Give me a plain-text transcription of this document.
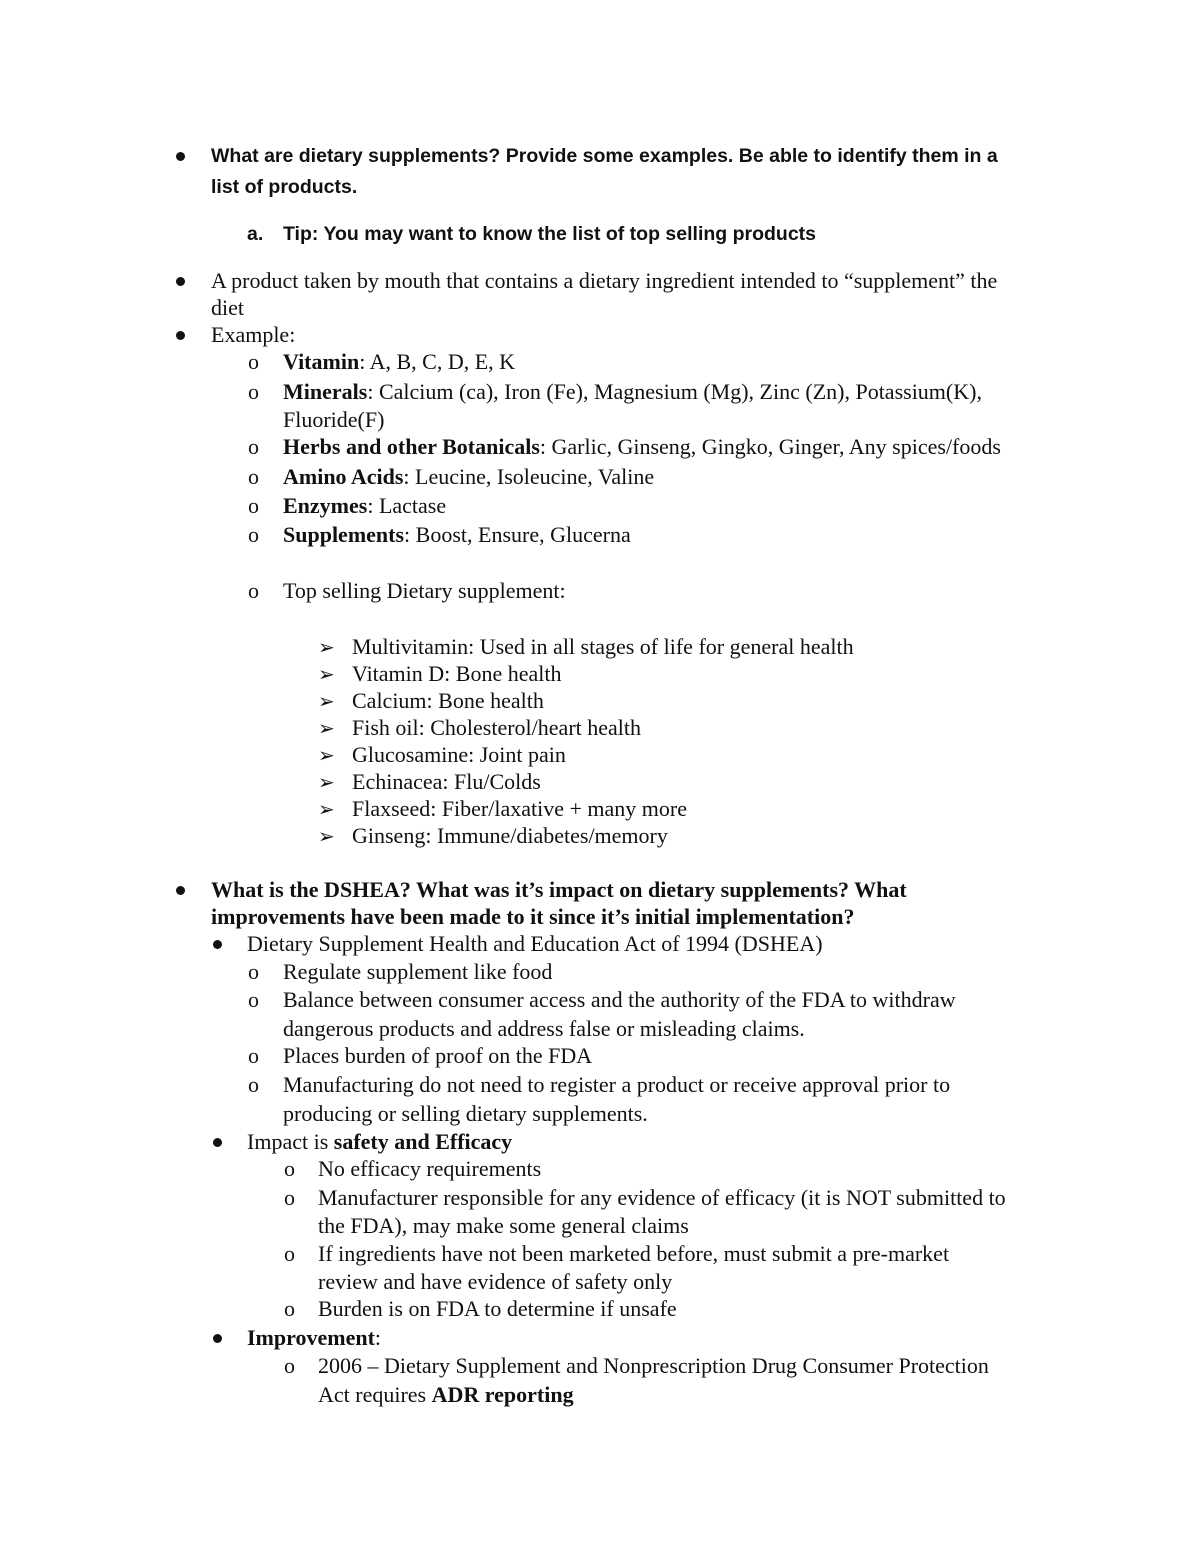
What are dietary supplements? Provide some examples. Be able to identify them in a
list of products.
a. Tip: You may want to know the list of top selling products
A product taken by mouth that contains a dietary ingredient intended to “supplement” the
diet
Example:
o Vitamin: A, B, C, D, E, K
o Minerals: Calcium (ca), Iron (Fe), Magnesium (Mg), Zinc (Zn), Potassium(K),
Fluoride(F)
o Herbs and other Botanicals: Garlic, Ginseng, Gingko, Ginger, Any spices/foods
o Amino Acids: Leucine, Isoleucine, Valine
o Enzymes: Lactase
o Supplements: Boost, Ensure, Glucerna
o Top selling Dietary supplement:
➢ Multivitamin: Used in all stages of life for general health
➢ Vitamin D: Bone health
➢ Calcium: Bone health
➢ Fish oil: Cholesterol/heart health
➢ Glucosamine: Joint pain
➢ Echinacea: Flu/Colds
➢ Flaxseed: Fiber/laxative + many more
➢ Ginseng: Immune/diabetes/memory
What is the DSHEA? What was it’s impact on dietary supplements? What
improvements have been made to it since it’s initial implementation?
Dietary Supplement Health and Education Act of 1994 (DSHEA)
o Regulate supplement like food
o Balance between consumer access and the authority of the FDA to withdraw
dangerous products and address false or misleading claims.
o Places burden of proof on the FDA
o Manufacturing do not need to register a product or receive approval prior to
producing or selling dietary supplements.
Impact is safety and Efficacy
o No efficacy requirements
o Manufacturer responsible for any evidence of efficacy (it is NOT submitted to
the FDA), may make some general claims
o If ingredients have not been marketed before, must submit a pre-market
review and have evidence of safety only
o Burden is on FDA to determine if unsafe
Improvement:
o 2006 – Dietary Supplement and Nonprescription Drug Consumer Protection
Act requires ADR reporting
